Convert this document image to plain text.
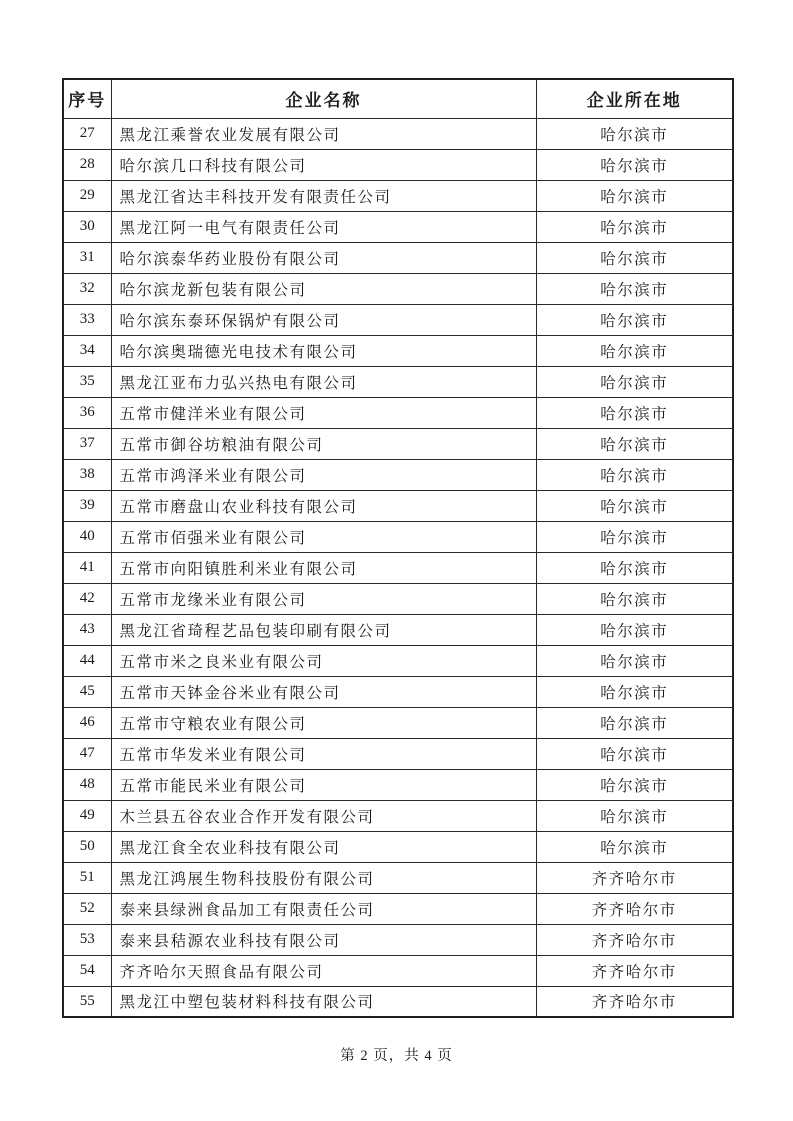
序号	企业名称	企业所在地
27	黑龙江乘誉农业发展有限公司	哈尔滨市
28	哈尔滨几口科技有限公司	哈尔滨市
29	黑龙江省达丰科技开发有限责任公司	哈尔滨市
30	黑龙江阿一电气有限责任公司	哈尔滨市
31	哈尔滨泰华药业股份有限公司	哈尔滨市
32	哈尔滨龙新包装有限公司	哈尔滨市
33	哈尔滨东泰环保锅炉有限公司	哈尔滨市
34	哈尔滨奥瑞德光电技术有限公司	哈尔滨市
35	黑龙江亚布力弘兴热电有限公司	哈尔滨市
36	五常市健洋米业有限公司	哈尔滨市
37	五常市御谷坊粮油有限公司	哈尔滨市
38	五常市鸿泽米业有限公司	哈尔滨市
39	五常市磨盘山农业科技有限公司	哈尔滨市
40	五常市佰强米业有限公司	哈尔滨市
41	五常市向阳镇胜利米业有限公司	哈尔滨市
42	五常市龙缘米业有限公司	哈尔滨市
43	黑龙江省琦程艺品包装印刷有限公司	哈尔滨市
44	五常市米之良米业有限公司	哈尔滨市
45	五常市天钵金谷米业有限公司	哈尔滨市
46	五常市守粮农业有限公司	哈尔滨市
47	五常市华发米业有限公司	哈尔滨市
48	五常市能民米业有限公司	哈尔滨市
49	木兰县五谷农业合作开发有限公司	哈尔滨市
50	黑龙江食全农业科技有限公司	哈尔滨市
51	黑龙江鸿展生物科技股份有限公司	齐齐哈尔市
52	泰来县绿洲食品加工有限责任公司	齐齐哈尔市
53	泰来县秸源农业科技有限公司	齐齐哈尔市
54	齐齐哈尔天照食品有限公司	齐齐哈尔市
55	黑龙江中塑包装材料科技有限公司	齐齐哈尔市
第 2 页，共 4 页
